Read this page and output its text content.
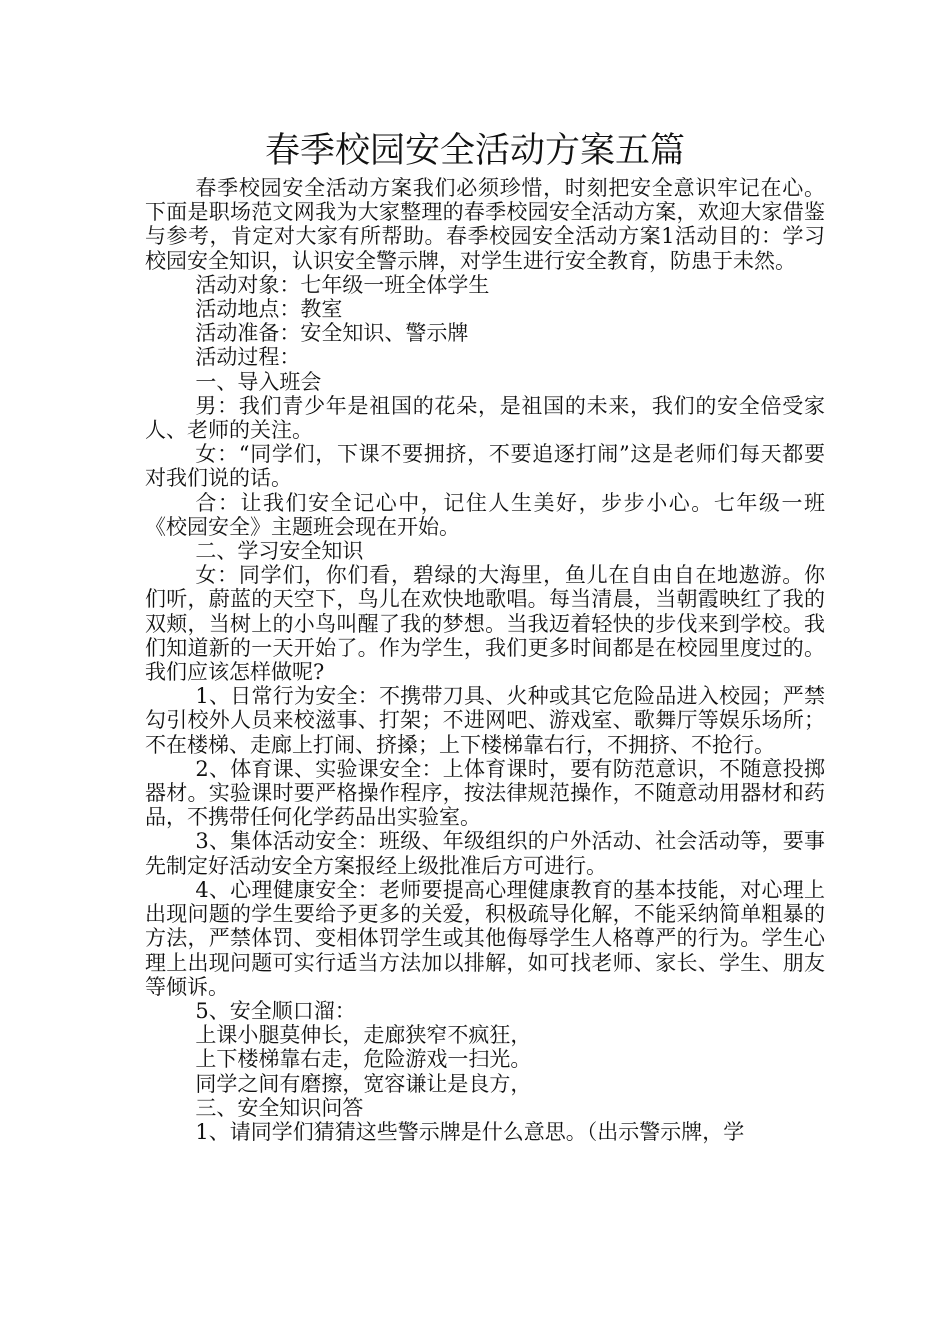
春季校园安全活动方案五篇

春季校园安全活动方案我们必须珍惜，时刻把安全意识牢记在心。下面是职场范文网我为大家整理的春季校园安全活动方案，欢迎大家借鉴与参考，肯定对大家有所帮助。春季校园安全活动方案1活动目的：学习校园安全知识，认识安全警示牌，对学生进行安全教育，防患于未然。

活动对象：七年级一班全体学生

活动地点：教室

活动准备：安全知识、警示牌

活动过程：

一、导入班会

男：我们青少年是祖国的花朵，是祖国的未来，我们的安全倍受家人、老师的关注。

女：“同学们，下课不要拥挤，不要追逐打闹”这是老师们每天都要对我们说的话。

合：让我们安全记心中，记住人生美好，步步小心。七年级一班《校园安全》主题班会现在开始。

二、学习安全知识

女：同学们，你们看，碧绿的大海里，鱼儿在自由自在地遨游。你们听，蔚蓝的天空下，鸟儿在欢快地歌唱。每当清晨，当朝霞映红了我的双颊，当树上的小鸟叫醒了我的梦想。当我迈着轻快的步伐来到学校。我们知道新的一天开始了。作为学生，我们更多时间都是在校园里度过的。我们应该怎样做呢?

1、日常行为安全：不携带刀具、火种或其它危险品进入校园；严禁勾引校外人员来校滋事、打架；不进网吧、游戏室、歌舞厅等娱乐场所；不在楼梯、走廊上打闹、挤搡；上下楼梯靠右行，不拥挤、不抢行。

2、体育课、实验课安全：上体育课时，要有防范意识，不随意投掷器材。实验课时要严格操作程序，按法律规范操作，不随意动用器材和药品，不携带任何化学药品出实验室。

3、集体活动安全：班级、年级组织的户外活动、社会活动等，要事先制定好活动安全方案报经上级批准后方可进行。

4、心理健康安全：老师要提高心理健康教育的基本技能，对心理上出现问题的学生要给予更多的关爱，积极疏导化解，不能采纳简单粗暴的方法，严禁体罚、变相体罚学生或其他侮辱学生人格尊严的行为。学生心理上出现问题可实行适当方法加以排解，如可找老师、家长、学生、朋友等倾诉。

5、安全顺口溜：

上课小腿莫伸长，走廊狭窄不疯狂，

上下楼梯靠右走，危险游戏一扫光。

同学之间有磨擦，宽容谦让是良方，

三、安全知识问答

1、请同学们猜猜这些警示牌是什么意思。（出示警示牌，学
